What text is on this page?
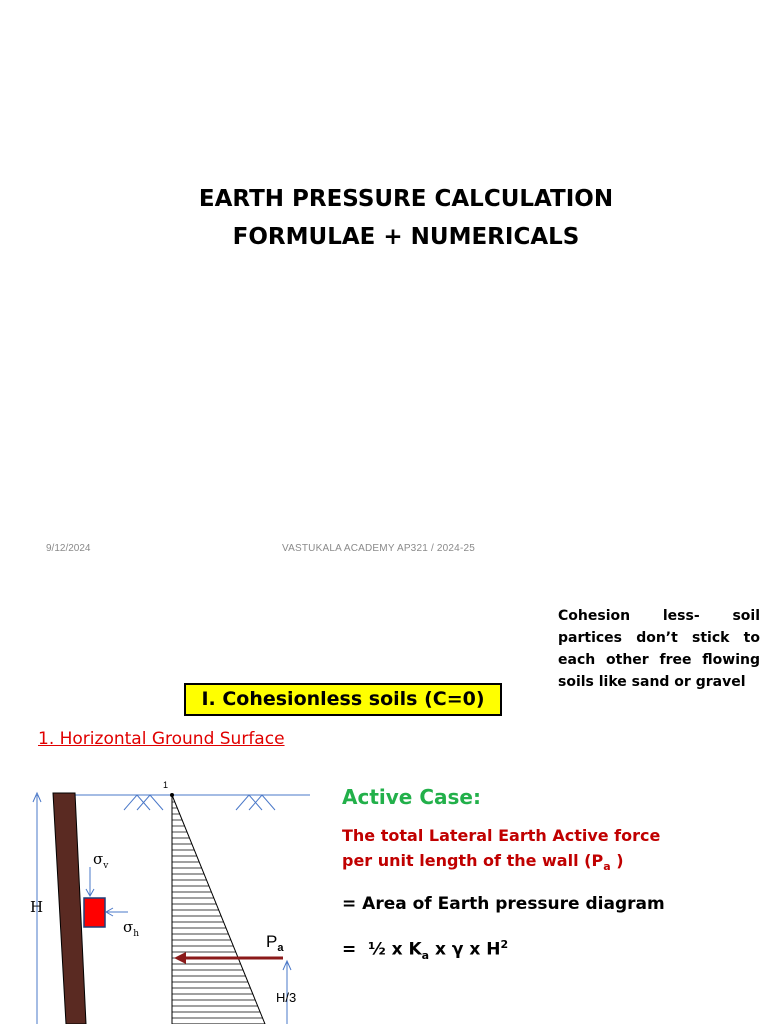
EARTH PRESSURE CALCULATION
FORMULAE + NUMERICALS
9/12/2024	VASTUKALA ACADEMY AP321 / 2024-25
Cohesion less- soil partices don’t stick to each other free flowing soils like sand or gravel
I. Cohesionless soils (C=0)
1. Horizontal Ground Surface
Active Case:
The total Lateral Earth Active force
per unit length of the wall ($P_a$ )
= Area of Earth pressure diagram
=  ½ x $K_a$ x γ x $H^2$
H
$\sigma_v$
$\sigma_h$
1
$P_a$
H/3
